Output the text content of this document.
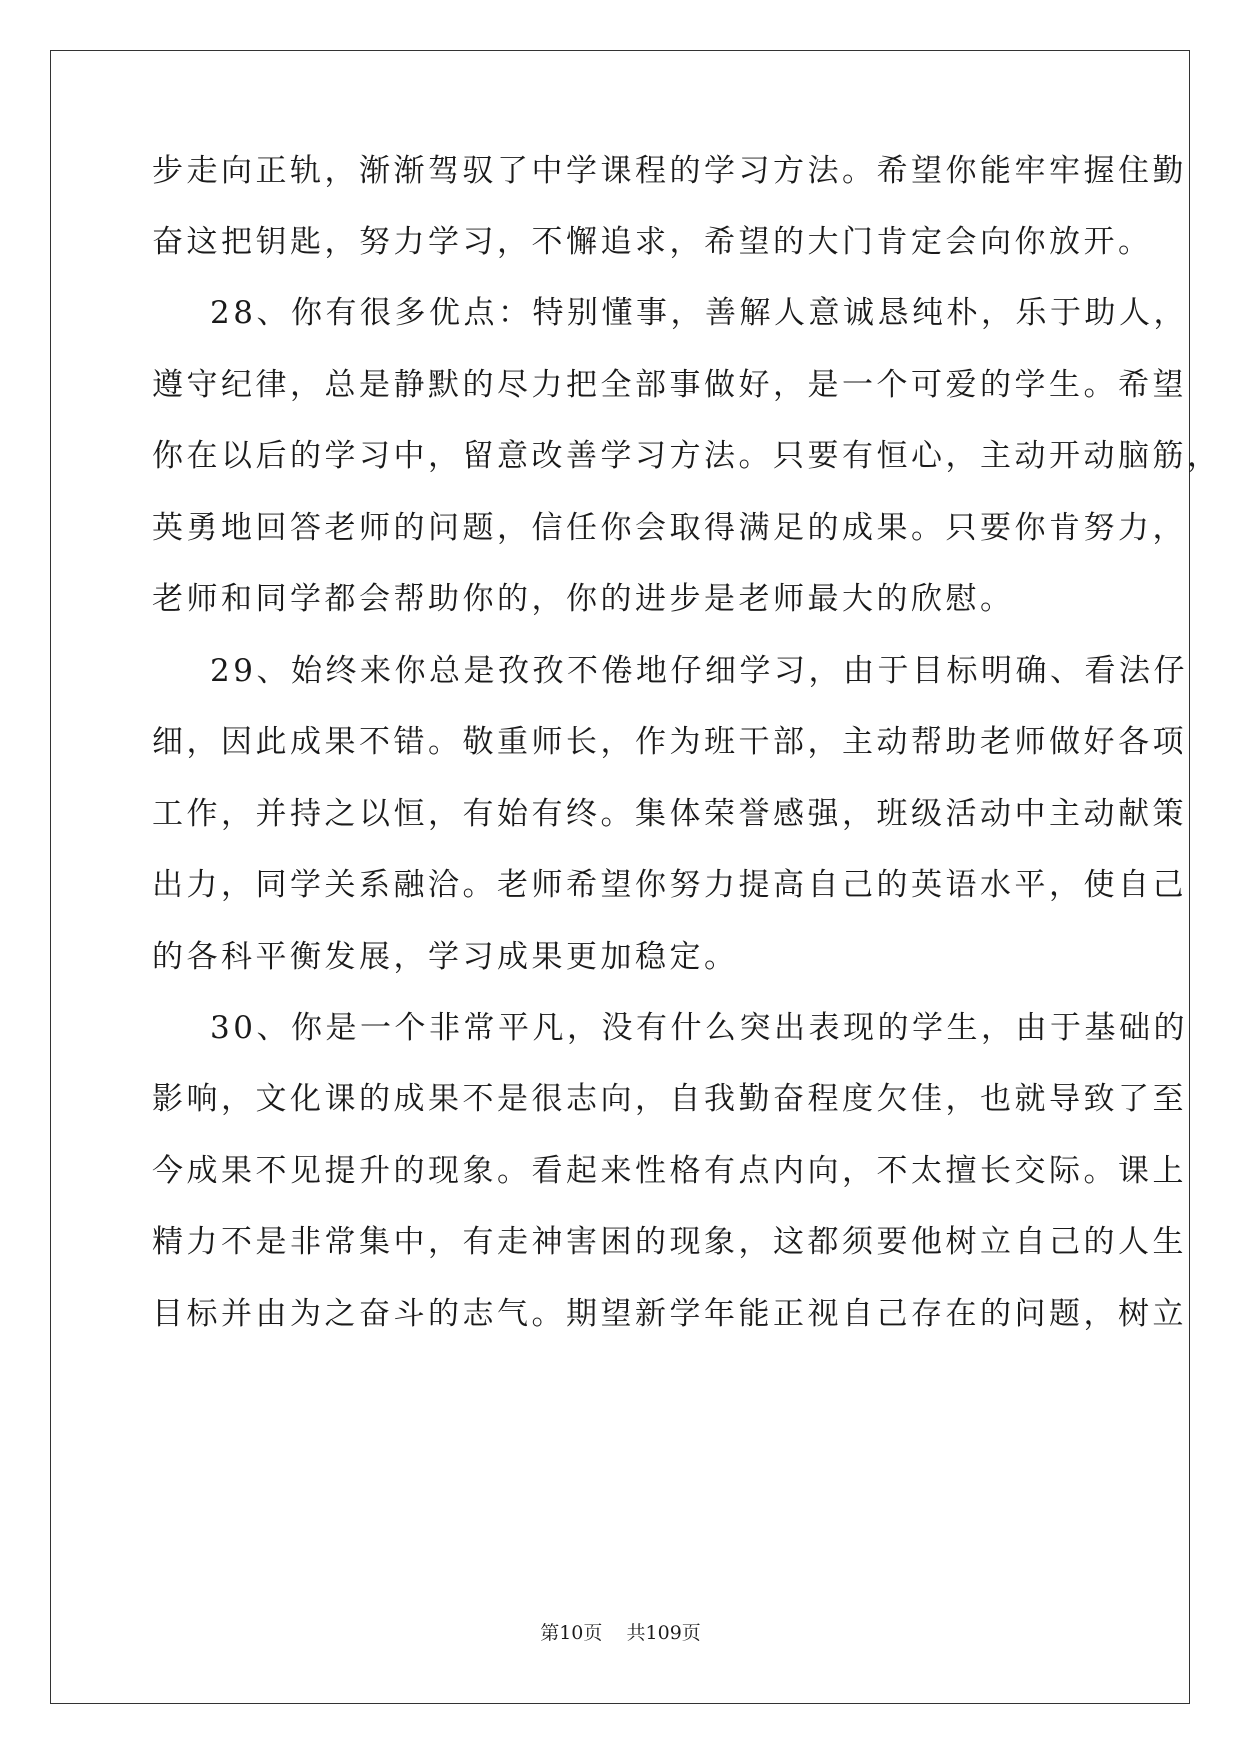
步走向正轨，渐渐驾驭了中学课程的学习方法。希望你能牢牢握住勤
奋这把钥匙，努力学习，不懈追求，希望的大门肯定会向你放开。
28、你有很多优点：特别懂事，善解人意诚恳纯朴，乐于助人，
遵守纪律，总是静默的尽力把全部事做好，是一个可爱的学生。希望
你在以后的学习中，留意改善学习方法。只要有恒心，主动开动脑筋，
英勇地回答老师的问题，信任你会取得满足的成果。只要你肯努力，
老师和同学都会帮助你的，你的进步是老师最大的欣慰。
29、始终来你总是孜孜不倦地仔细学习，由于目标明确、看法仔
细，因此成果不错。敬重师长，作为班干部，主动帮助老师做好各项
工作，并持之以恒，有始有终。集体荣誉感强，班级活动中主动献策
出力，同学关系融洽。老师希望你努力提高自己的英语水平，使自己
的各科平衡发展，学习成果更加稳定。
30、你是一个非常平凡，没有什么突出表现的学生，由于基础的
影响，文化课的成果不是很志向，自我勤奋程度欠佳，也就导致了至
今成果不见提升的现象。看起来性格有点内向，不太擅长交际。课上
精力不是非常集中，有走神害困的现象，这都须要他树立自己的人生
目标并由为之奋斗的志气。期望新学年能正视自己存在的问题，树立
第10页 共109页
